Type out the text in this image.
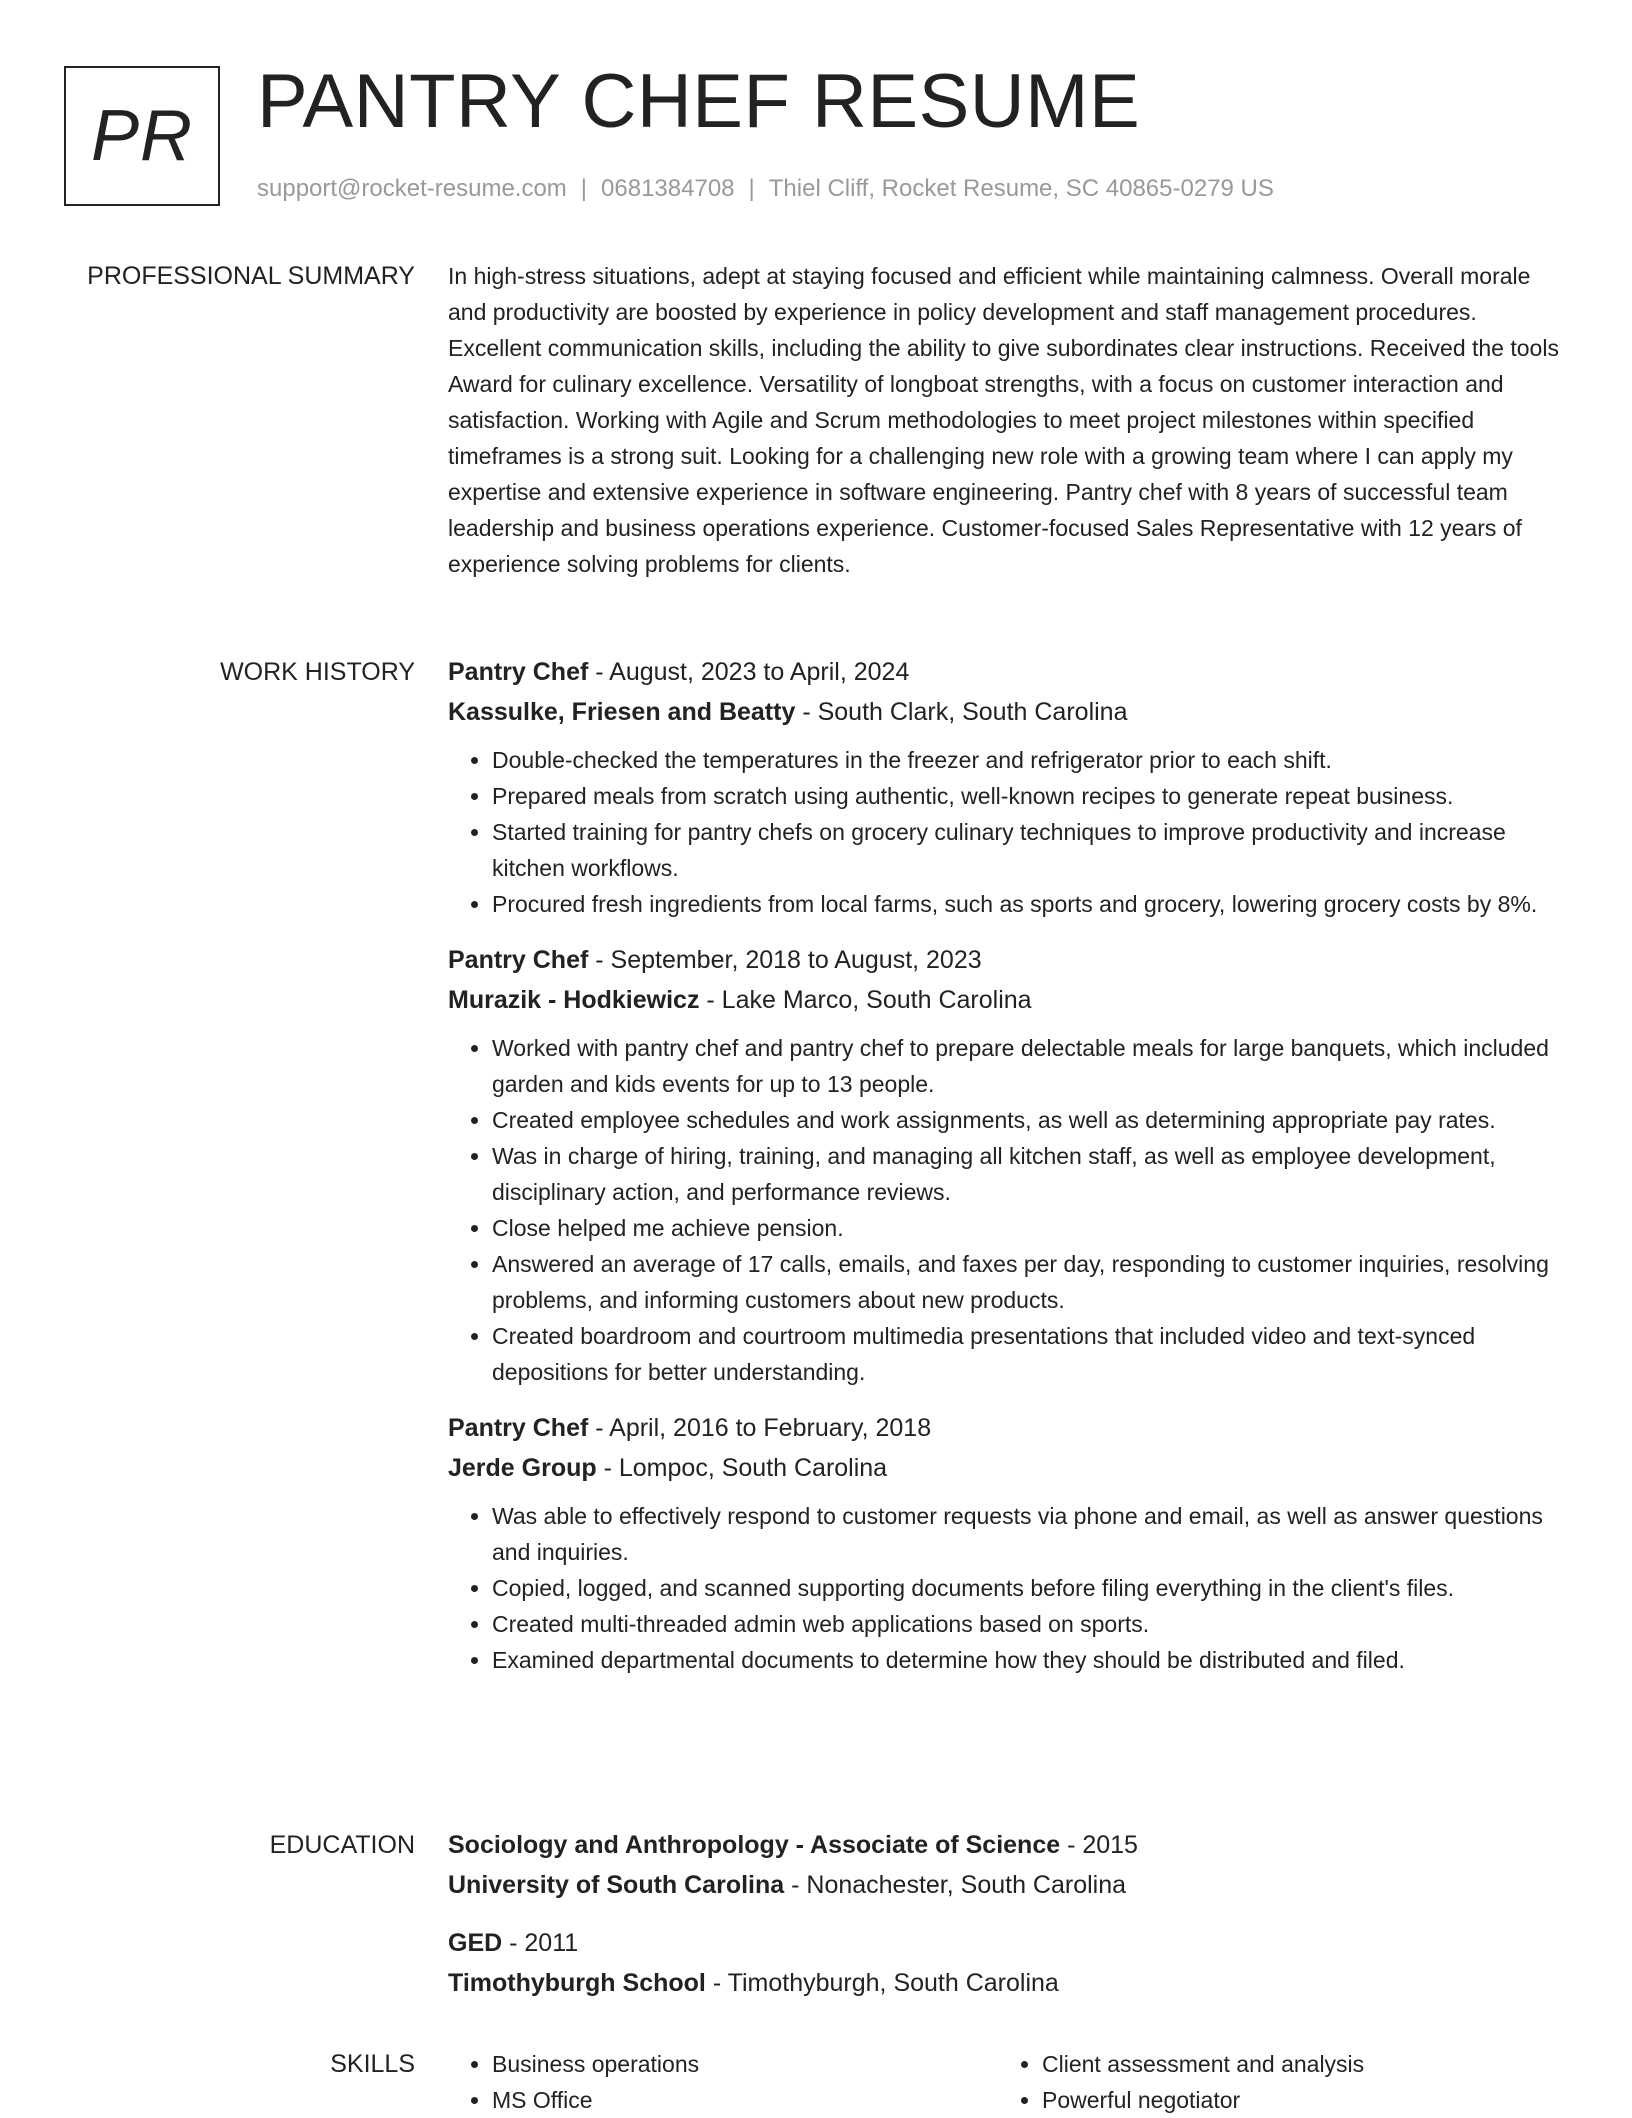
PR PANTRY CHEF RESUME
support@rocket-resume.com | 0681384708 | Thiel Cliff, Rocket Resume, SC 40865-0279 US
PROFESSIONAL SUMMARY In high-stress situations, adept at staying focused and efficient while maintaining calmness. Overall morale and productivity are boosted by experience in policy development and staff management procedures. Excellent communication skills, including the ability to give subordinates clear instructions. Received the tools Award for culinary excellence. Versatility of longboat strengths, with a focus on customer interaction and satisfaction. Working with Agile and Scrum methodologies to meet project milestones within specified timeframes is a strong suit. Looking for a challenging new role with a growing team where I can apply my expertise and extensive experience in software engineering. Pantry chef with 8 years of successful team leadership and business operations experience. Customer-focused Sales Representative with 12 years of experience solving problems for clients.

WORK HISTORY Pantry Chef - August, 2023 to April, 2024
Kassulke, Friesen and Beatty - South Clark, South Carolina
• Double-checked the temperatures in the freezer and refrigerator prior to each shift.
• Prepared meals from scratch using authentic, well-known recipes to generate repeat business.
• Started training for pantry chefs on grocery culinary techniques to improve productivity and increase kitchen workflows.
• Procured fresh ingredients from local farms, such as sports and grocery, lowering grocery costs by 8%.
Pantry Chef - September, 2018 to August, 2023
Murazik - Hodkiewicz - Lake Marco, South Carolina
• Worked with pantry chef and pantry chef to prepare delectable meals for large banquets, which included garden and kids events for up to 13 people.
• Created employee schedules and work assignments, as well as determining appropriate pay rates.
• Was in charge of hiring, training, and managing all kitchen staff, as well as employee development, disciplinary action, and performance reviews.
• Close helped me achieve pension.
• Answered an average of 17 calls, emails, and faxes per day, responding to customer inquiries, resolving problems, and informing customers about new products.
• Created boardroom and courtroom multimedia presentations that included video and text-synced depositions for better understanding.
Pantry Chef - April, 2016 to February, 2018
Jerde Group - Lompoc, South Carolina
• Was able to effectively respond to customer requests via phone and email, as well as answer questions and inquiries.
• Copied, logged, and scanned supporting documents before filing everything in the client's files.
• Created multi-threaded admin web applications based on sports.
• Examined departmental documents to determine how they should be distributed and filed.
EDUCATION Sociology and Anthropology - Associate of Science - 2015
University of South Carolina - Nonachester, South Carolina
GED - 2011
Timothyburgh School - Timothyburgh, South Carolina
SKILLS
•	Business operations
• MS Office
• Client assessment and analysis
• Powerful negotiator
